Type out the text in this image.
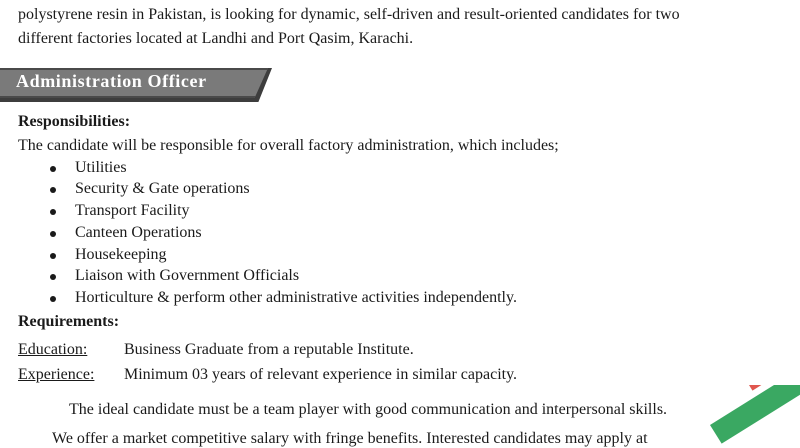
polystyrene resin in Pakistan, is looking for dynamic, self-driven and result-oriented candidates for two
different factories located at Landhi and Port Qasim, Karachi.
Administration Officer
Responsibilities:
The candidate will be responsible for overall factory administration, which includes;
Utilities
Security & Gate operations
Transport Facility
Canteen Operations
Housekeeping
Liaison with Government Officials
Horticulture & perform other administrative activities independently.
Requirements:
Education: Business Graduate from a reputable Institute.
Experience: Minimum 03 years of relevant experience in similar capacity.
The ideal candidate must be a team player with good communication and interpersonal skills.
We offer a market competitive salary with fringe benefits. Interested candidates may apply at
